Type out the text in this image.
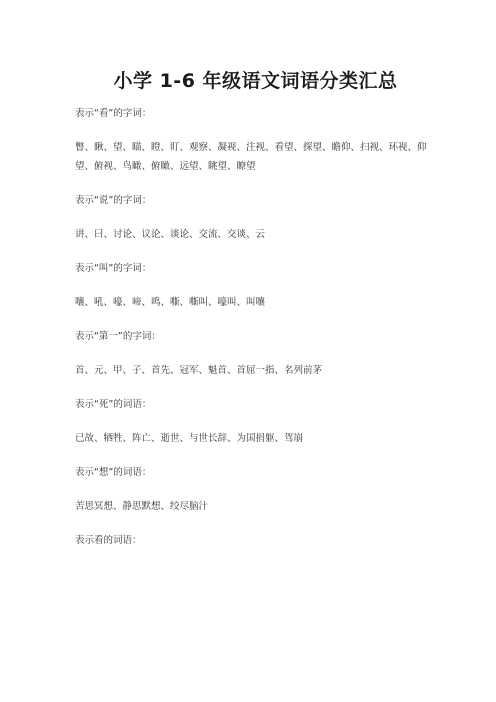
小学 1-6 年级语文词语分类汇总

表示“看”的字词：

瞥、瞅、望、瞄、瞪、盯、观察、凝视、注视、看望、探望、瞻仰、扫视、环视、仰望、俯视、鸟瞰、俯瞰、远望、眺望、瞭望

表示“说”的字词：

讲、曰、讨论、议论、谈论、交流、交谈、云

表示“叫”的字词：

嚷、吼、嚎、啼、鸣、嘶、嘶叫、嚎叫、叫嚷

表示“第一”的字词：

首、元、甲、子、首先、冠军、魁首、首屈一指、名列前茅

表示“死”的词语：

已故、牺牲、阵亡、逝世、与世长辞、为国捐躯、驾崩

表示“想”的词语：

苦思冥想、静思默想、绞尽脑汁

表示看的词语：
